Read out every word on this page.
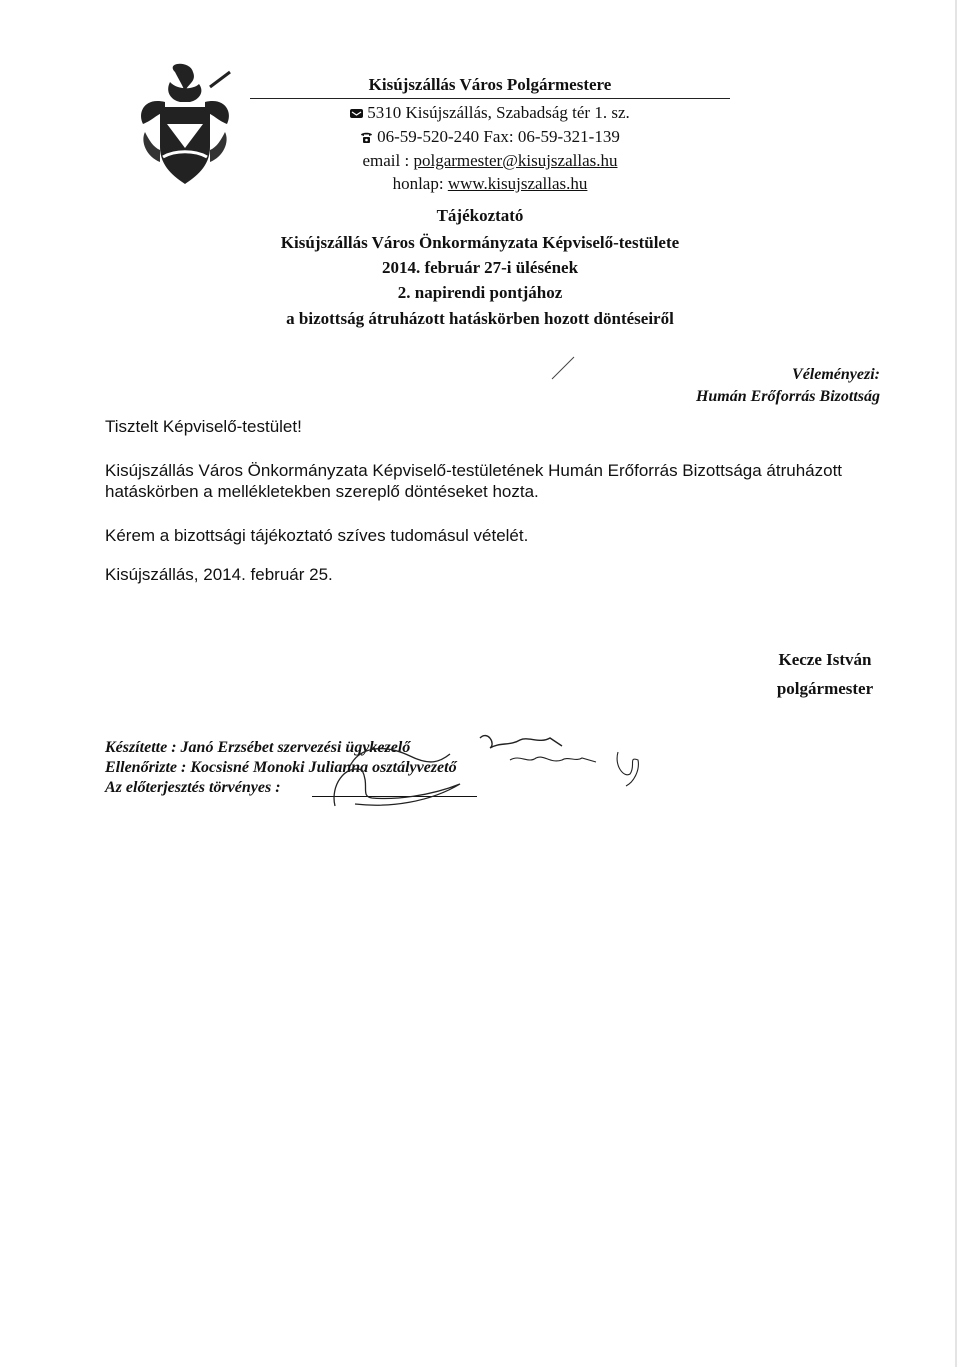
Kisújszállás Város Polgármestere
5310 Kisújszállás, Szabadság tér 1. sz.
06-59-520-240 Fax: 06-59-321-139
email : polgarmester@kisujszallas.hu
honlap: www.kisujszallas.hu
Tájékoztató
Kisújszállás Város Önkormányzata Képviselő-testülete
2014. február 27-i ülésének
2. napirendi pontjához
a bizottság átruházott hatáskörben hozott döntéseiről
Véleményezi:
Humán Erőforrás Bizottság
Tisztelt Képviselő-testület!
Kisújszállás Város Önkormányzata Képviselő-testületének Humán Erőforrás Bizottsága átruházott hatáskörben a mellékletekben szereplő döntéseket hozta.
Kérem a bizottsági tájékoztató szíves tudomásul vételét.
Kisújszállás, 2014. február 25.
Kecze István
polgármester
Készítette : Janó Erzsébet szervezési ügykezelő
Ellenőrizte : Kocsisné Monoki Julianna osztályvezető
Az előterjesztés törvényes :
